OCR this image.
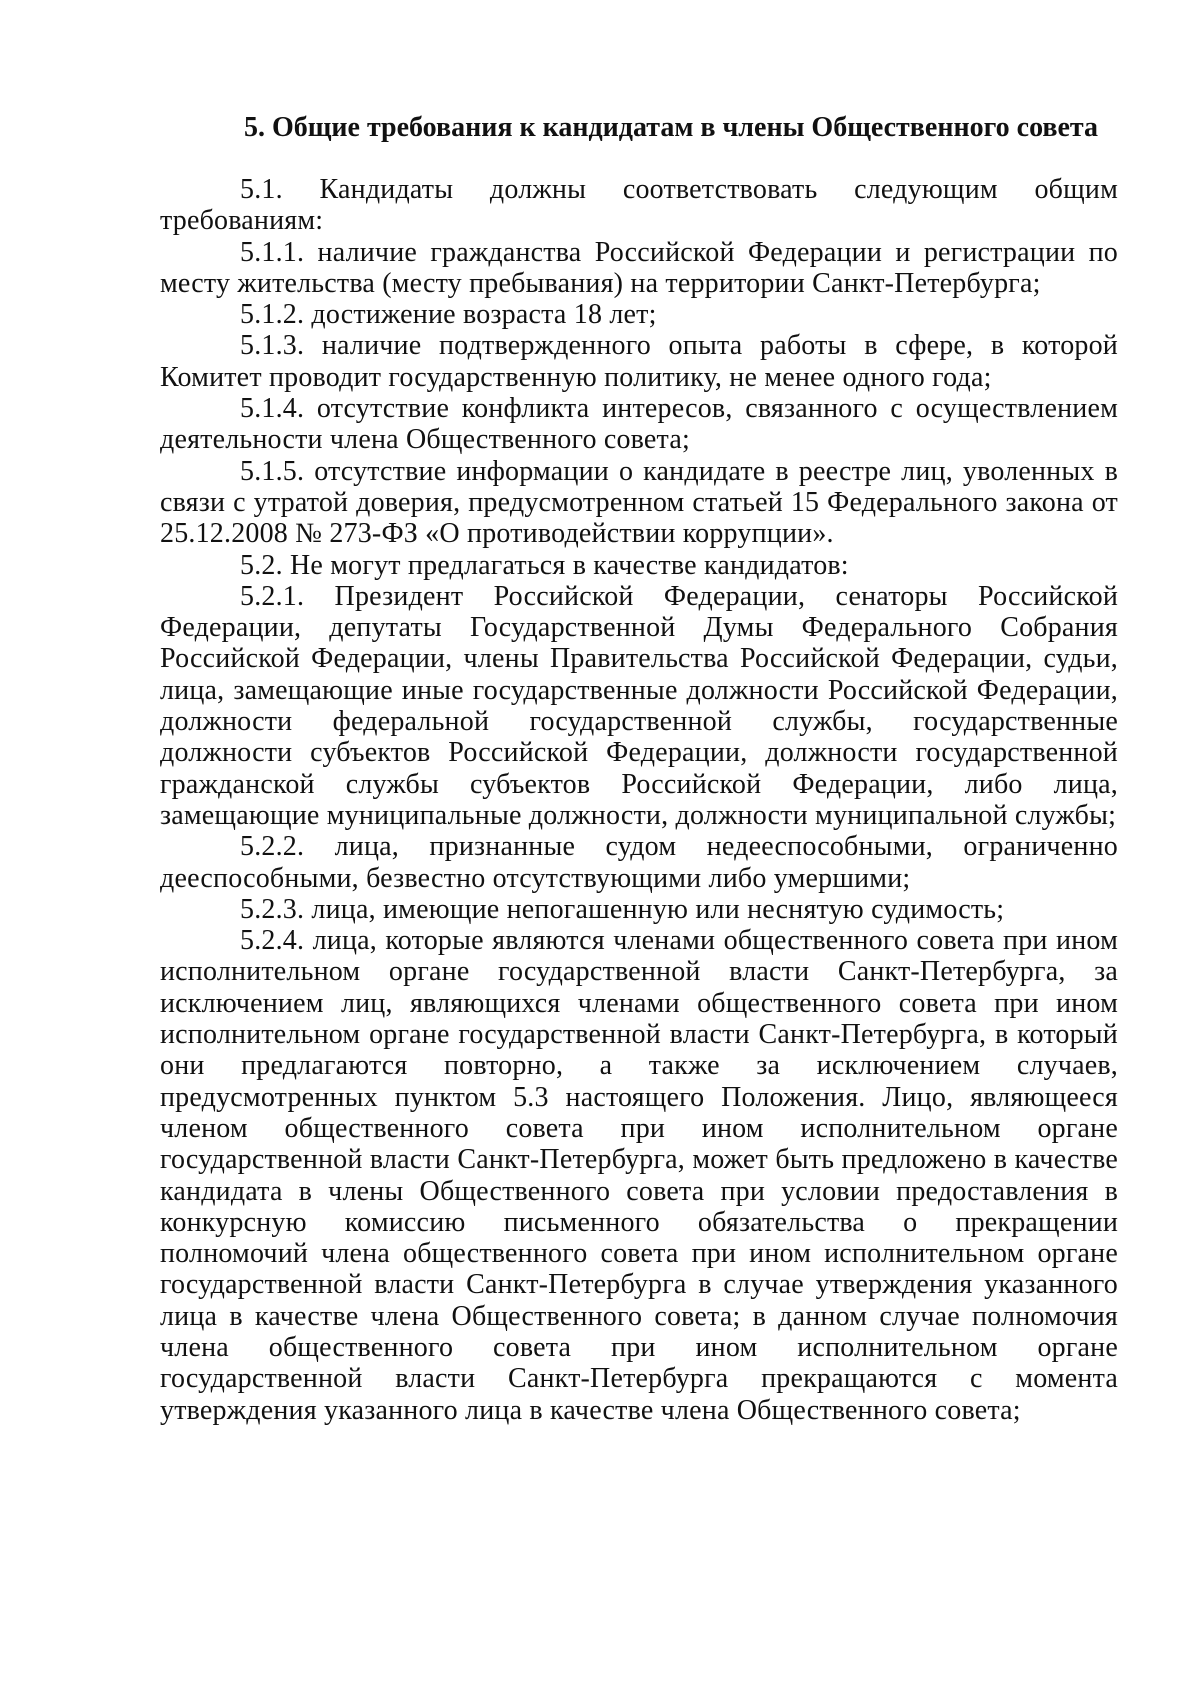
5. Общие требования к кандидатам в члены Общественного совета

5.1. Кандидаты должны соответствовать следующим общим требованиям:

5.1.1. наличие гражданства Российской Федерации и регистрации по месту жительства (месту пребывания) на территории Санкт-Петербурга;

5.1.2. достижение возраста 18 лет;

5.1.3. наличие подтвержденного опыта работы в сфере, в которой Комитет проводит государственную политику, не менее одного года;

5.1.4. отсутствие конфликта интересов, связанного с осуществлением деятельности члена Общественного совета;

5.1.5. отсутствие информации о кандидате в реестре лиц, уволенных в связи с утратой доверия, предусмотренном статьей 15 Федерального закона от 25.12.2008 № 273-ФЗ «О противодействии коррупции».

5.2. Не могут предлагаться в качестве кандидатов:

5.2.1. Президент Российской Федерации, сенаторы Российской Федерации, депутаты Государственной Думы Федерального Собрания Российской Федерации, члены Правительства Российской Федерации, судьи, лица, замещающие иные государственные должности Российской Федерации, должности федеральной государственной службы, государственные должности субъектов Российской Федерации, должности государственной гражданской службы субъектов Российской Федерации, либо лица, замещающие муниципальные должности, должности муниципальной службы;

5.2.2. лица, признанные судом недееспособными, ограниченно дееспособными, безвестно отсутствующими либо умершими;

5.2.3. лица, имеющие непогашенную или неснятую судимость;

5.2.4. лица, которые являются членами общественного совета при ином исполнительном органе государственной власти Санкт-Петербурга, за исключением лиц, являющихся членами общественного совета при ином исполнительном органе государственной власти Санкт-Петербурга, в который они предлагаются повторно, а также за исключением случаев, предусмотренных пунктом 5.3 настоящего Положения. Лицо, являющееся членом общественного совета при ином исполнительном органе государственной власти Санкт-Петербурга, может быть предложено в качестве кандидата в члены Общественного совета при условии предоставления в конкурсную комиссию письменного обязательства о прекращении полномочий члена общественного совета при ином исполнительном органе государственной власти Санкт-Петербурга в случае утверждения указанного лица в качестве члена Общественного совета; в данном случае полномочия члена общественного совета при ином исполнительном органе государственной власти Санкт-Петербурга прекращаются с момента утверждения указанного лица в качестве члена Общественного совета;
